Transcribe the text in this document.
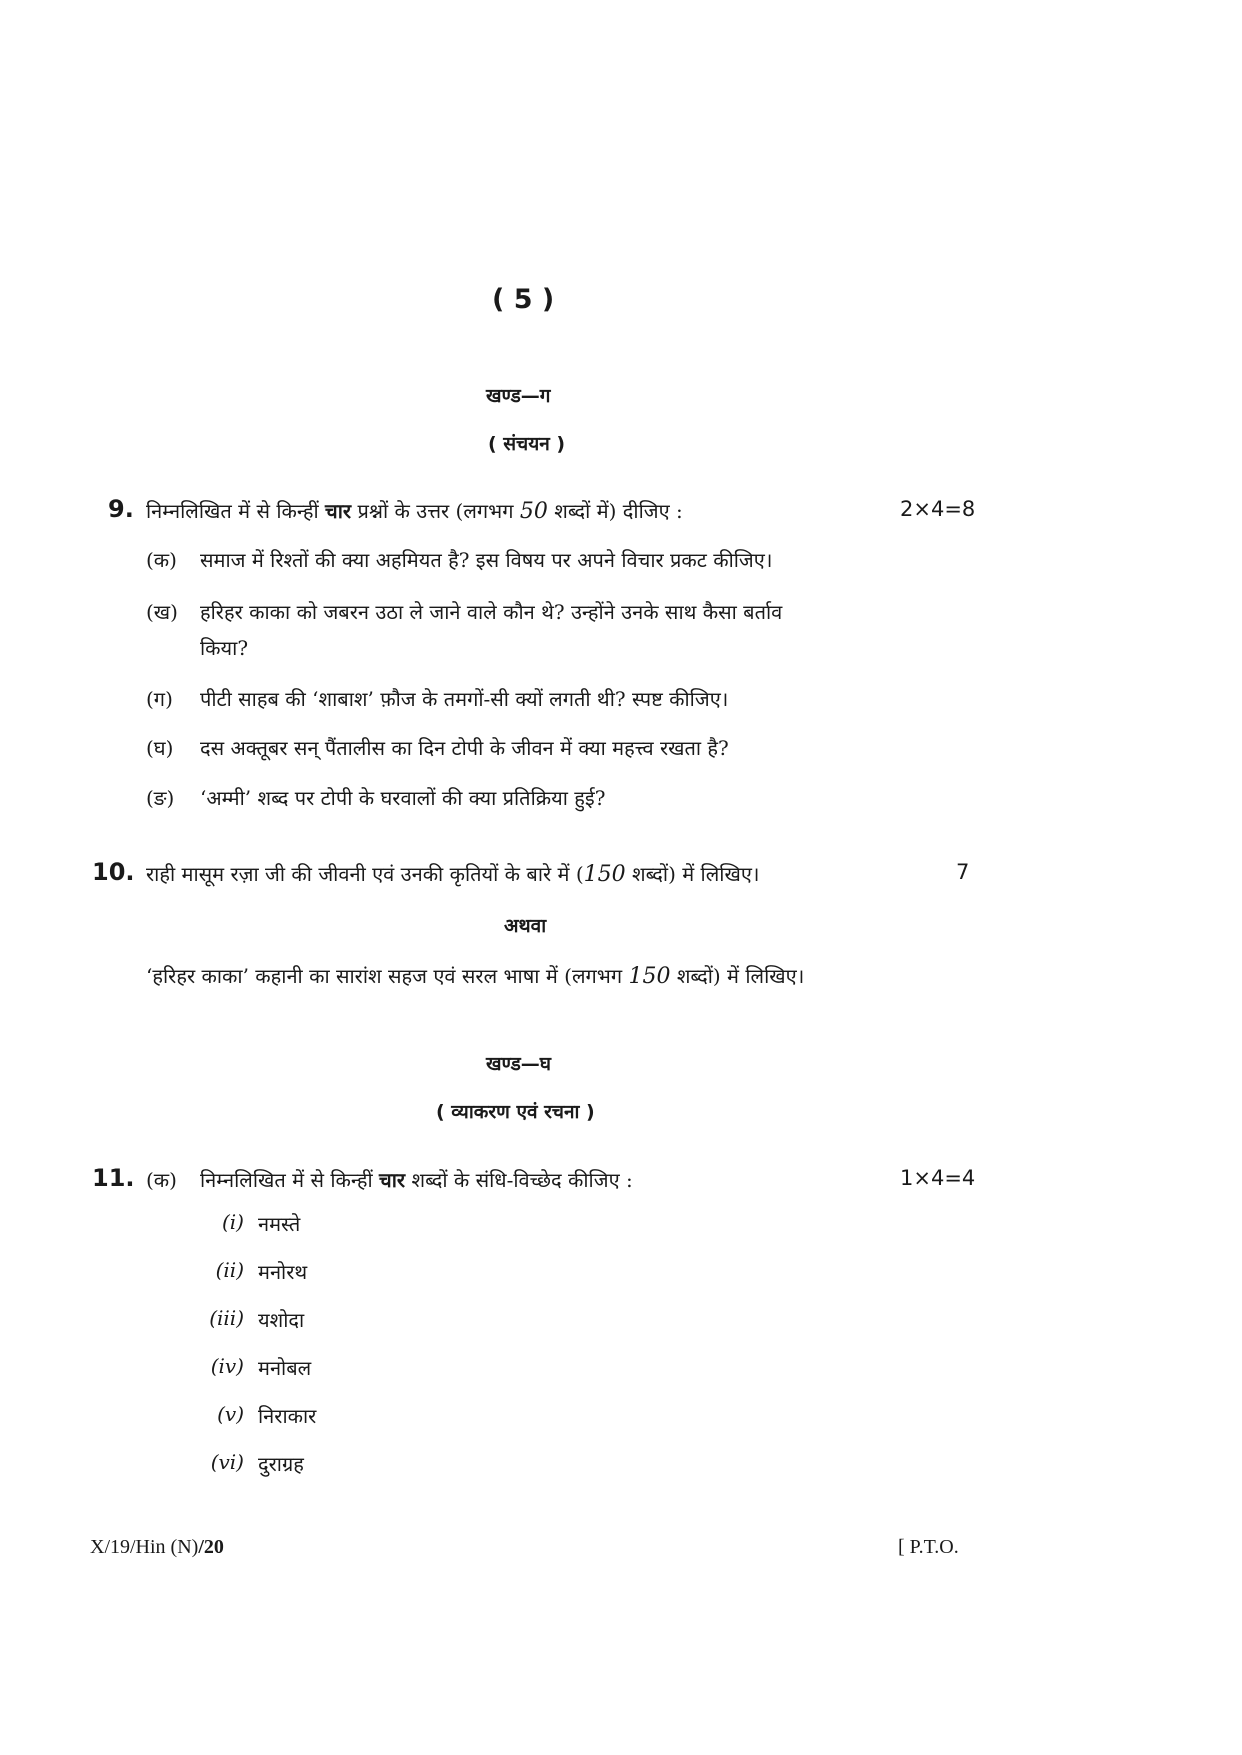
( 5 )
खण्ड—ग
( संचयन )
9. निम्नलिखित में से किन्हीं चार प्रश्नों के उत्तर (लगभग 50 शब्दों में) दीजिए :	2×4=8
(क) समाज में रिश्तों की क्या अहमियत है? इस विषय पर अपने विचार प्रकट कीजिए।
(ख) हरिहर काका को जबरन उठा ले जाने वाले कौन थे? उन्होंने उनके साथ कैसा बर्ताव
किया?
(ग) पीटी साहब की ‘शाबाश’ फ़ौज के तमगों-सी क्यों लगती थी? स्पष्ट कीजिए।
(घ) दस अक्तूबर सन् पैंतालीस का दिन टोपी के जीवन में क्या महत्त्व रखता है?
(ङ) ‘अम्मी’ शब्द पर टोपी के घरवालों की क्या प्रतिक्रिया हुई?
10. राही मासूम रज़ा जी की जीवनी एवं उनकी कृतियों के बारे में (150 शब्दों) में लिखिए।	7
अथवा
‘हरिहर काका’ कहानी का सारांश सहज एवं सरल भाषा में (लगभग 150 शब्दों) में लिखिए।
खण्ड—घ
( व्याकरण एवं रचना )
11. (क) निम्नलिखित में से किन्हीं चार शब्दों के संधि-विच्छेद कीजिए :	1×4=4
(i) नमस्ते
(ii) मनोरथ
(iii) यशोदा
(iv) मनोबल
(v) निराकार
(vi) दुराग्रह
X/19/Hin (N)/20	[ P.T.O.
